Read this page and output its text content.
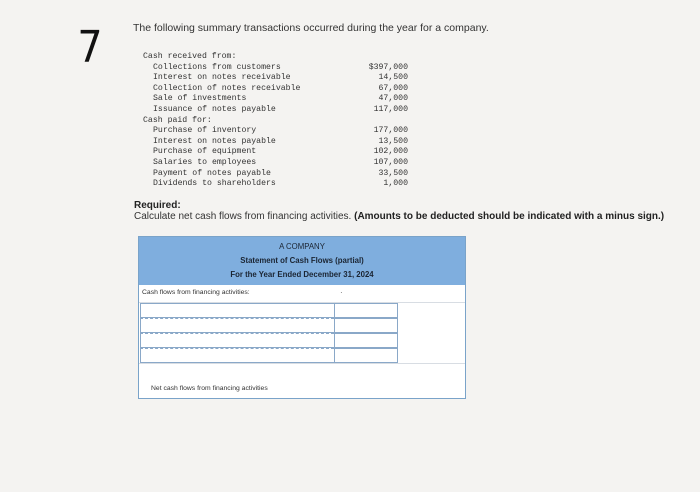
7	The following summary transactions occurred during the year for a company.
Cash received from:
Collections from customers	$397,000
Interest on notes receivable	14,500
Collection of notes receivable	67,000
Sale of investments	47,000
Issuance of notes payable	117,000
Cash paid for:
Purchase of inventory	177,000
Interest on notes payable	13,500
Purchase of equipment	102,000
Salaries to employees	107,000
Payment of notes payable	33,500
Dividends to shareholders	1,000
Required:
Calculate net cash flows from financing activities. (Amounts to be deducted should be indicated with a minus sign.)
A COMPANY
Statement of Cash Flows (partial)
For the Year Ended December 31, 2024
Cash flows from financing activities:	·
Net cash flows from financing activities
